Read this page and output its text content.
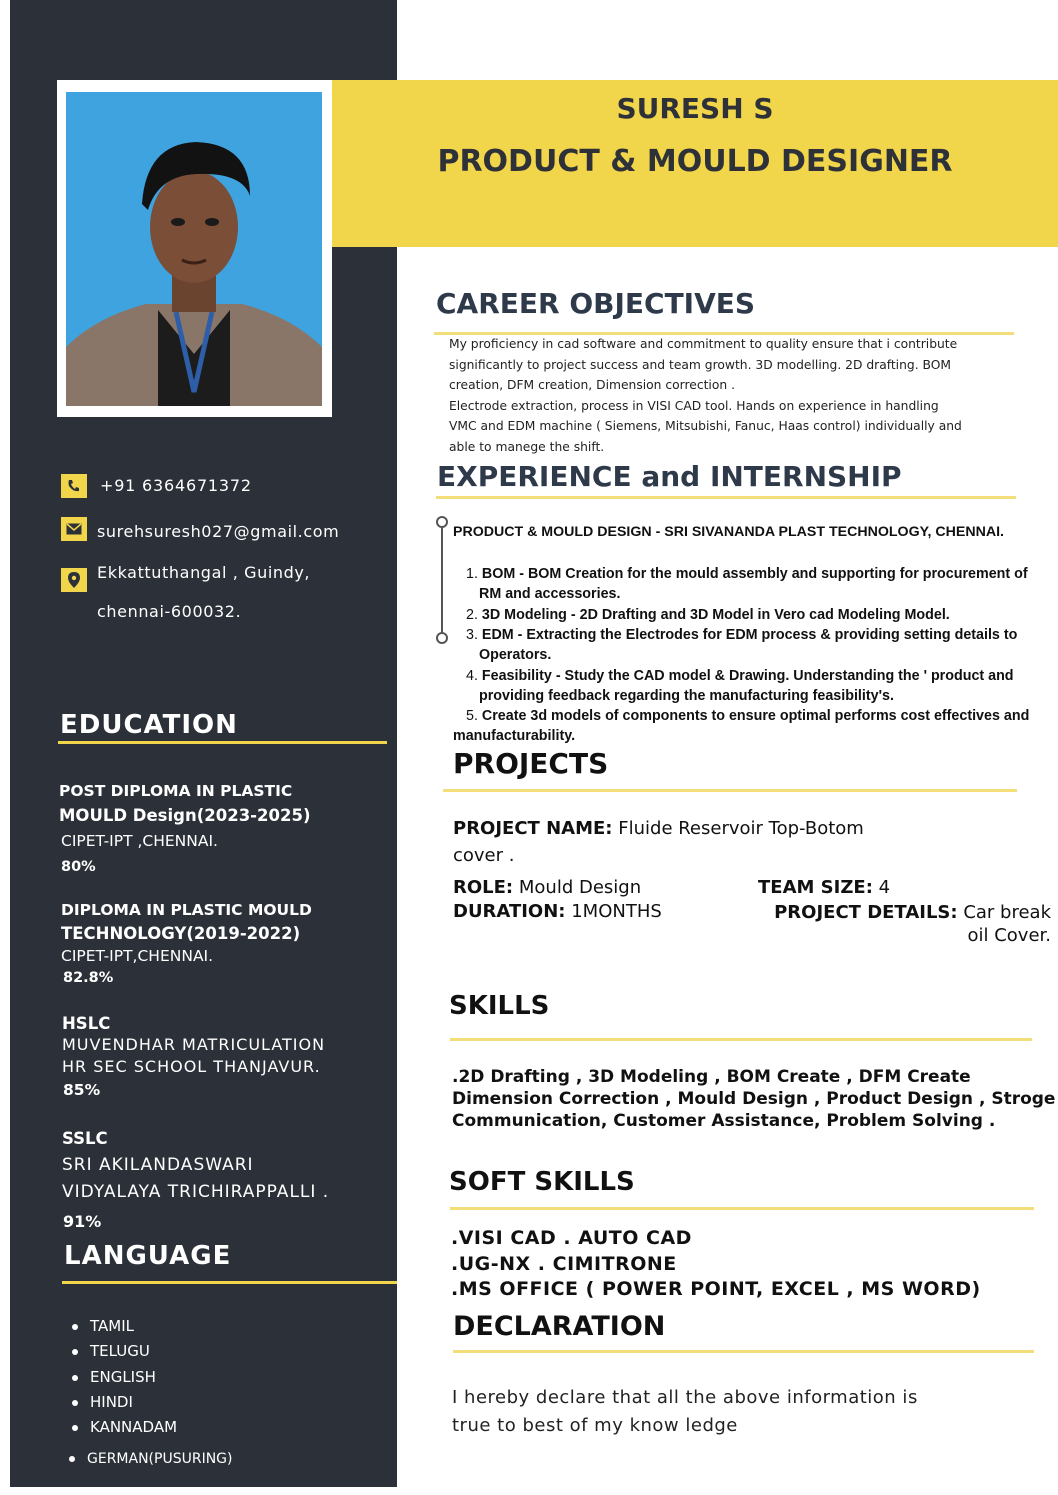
SURESH S
PRODUCT & MOULD DESIGNER
+91 6364671372
surehsuresh027@gmail.com
Ekkattuthangal , Guindy,
chennai-600032.
EDUCATION
POST DIPLOMA IN PLASTIC
MOULD Design(2023-2025)
CIPET-IPT ,CHENNAI.
80%
DIPLOMA IN PLASTIC MOULD
TECHNOLOGY(2019-2022)
CIPET-IPT,CHENNAI.
82.8%
HSLC
MUVENDHAR MATRICULATION
HR SEC SCHOOL THANJAVUR.
85%
SSLC
SRI AKILANDASWARI
VIDYALAYA TRICHIRAPPALLI .
91%
LANGUAGE
TAMIL
TELUGU
ENGLISH
HINDI
KANNADAM
GERMAN(PUSURING)
CAREER OBJECTIVES
My proficiency in cad software and commitment to quality ensure that i contribute
significantly to project success and team growth. 3D modelling. 2D drafting. BOM
creation, DFM creation, Dimension correction .
Electrode extraction, process in VISI CAD tool. Hands on experience in handling
VMC and EDM machine ( Siemens, Mitsubishi, Fanuc, Haas control) individually and
able to manege the shift.
EXPERIENCE and INTERNSHIP
PRODUCT & MOULD DESIGN - SRI SIVANANDA PLAST TECHNOLOGY, CHENNAI.
1. BOM - BOM Creation for the mould assembly and supporting for procurement of
RM and accessories.
2. 3D Modeling - 2D Drafting and 3D Model in Vero cad Modeling Model.
3. EDM - Extracting the Electrodes for EDM process & providing setting details to
Operators.
4. Feasibility - Study the CAD model & Drawing. Understanding the ' product and
providing feedback regarding the manufacturing feasibility's.
5. Create 3d models of components to ensure optimal performs cost effectives and
manufacturability.
PROJECTS
PROJECT NAME: Fluide Reservoir Top-Botom
cover .
ROLE: Mould Design	TEAM SIZE: 4
DURATION: 1MONTHS	PROJECT DETAILS: Car break
oil Cover.
SKILLS
.2D Drafting , 3D Modeling , BOM Create , DFM Create
Dimension Correction , Mould Design , Product Design , Stroge
Communication, Customer Assistance, Problem Solving .
SOFT SKILLS
.VISI CAD . AUTO CAD
.UG-NX . CIMITRONE
.MS OFFICE ( POWER POINT, EXCEL , MS WORD)
DECLARATION
I hereby declare that all the above information is
true to best of my know ledge
